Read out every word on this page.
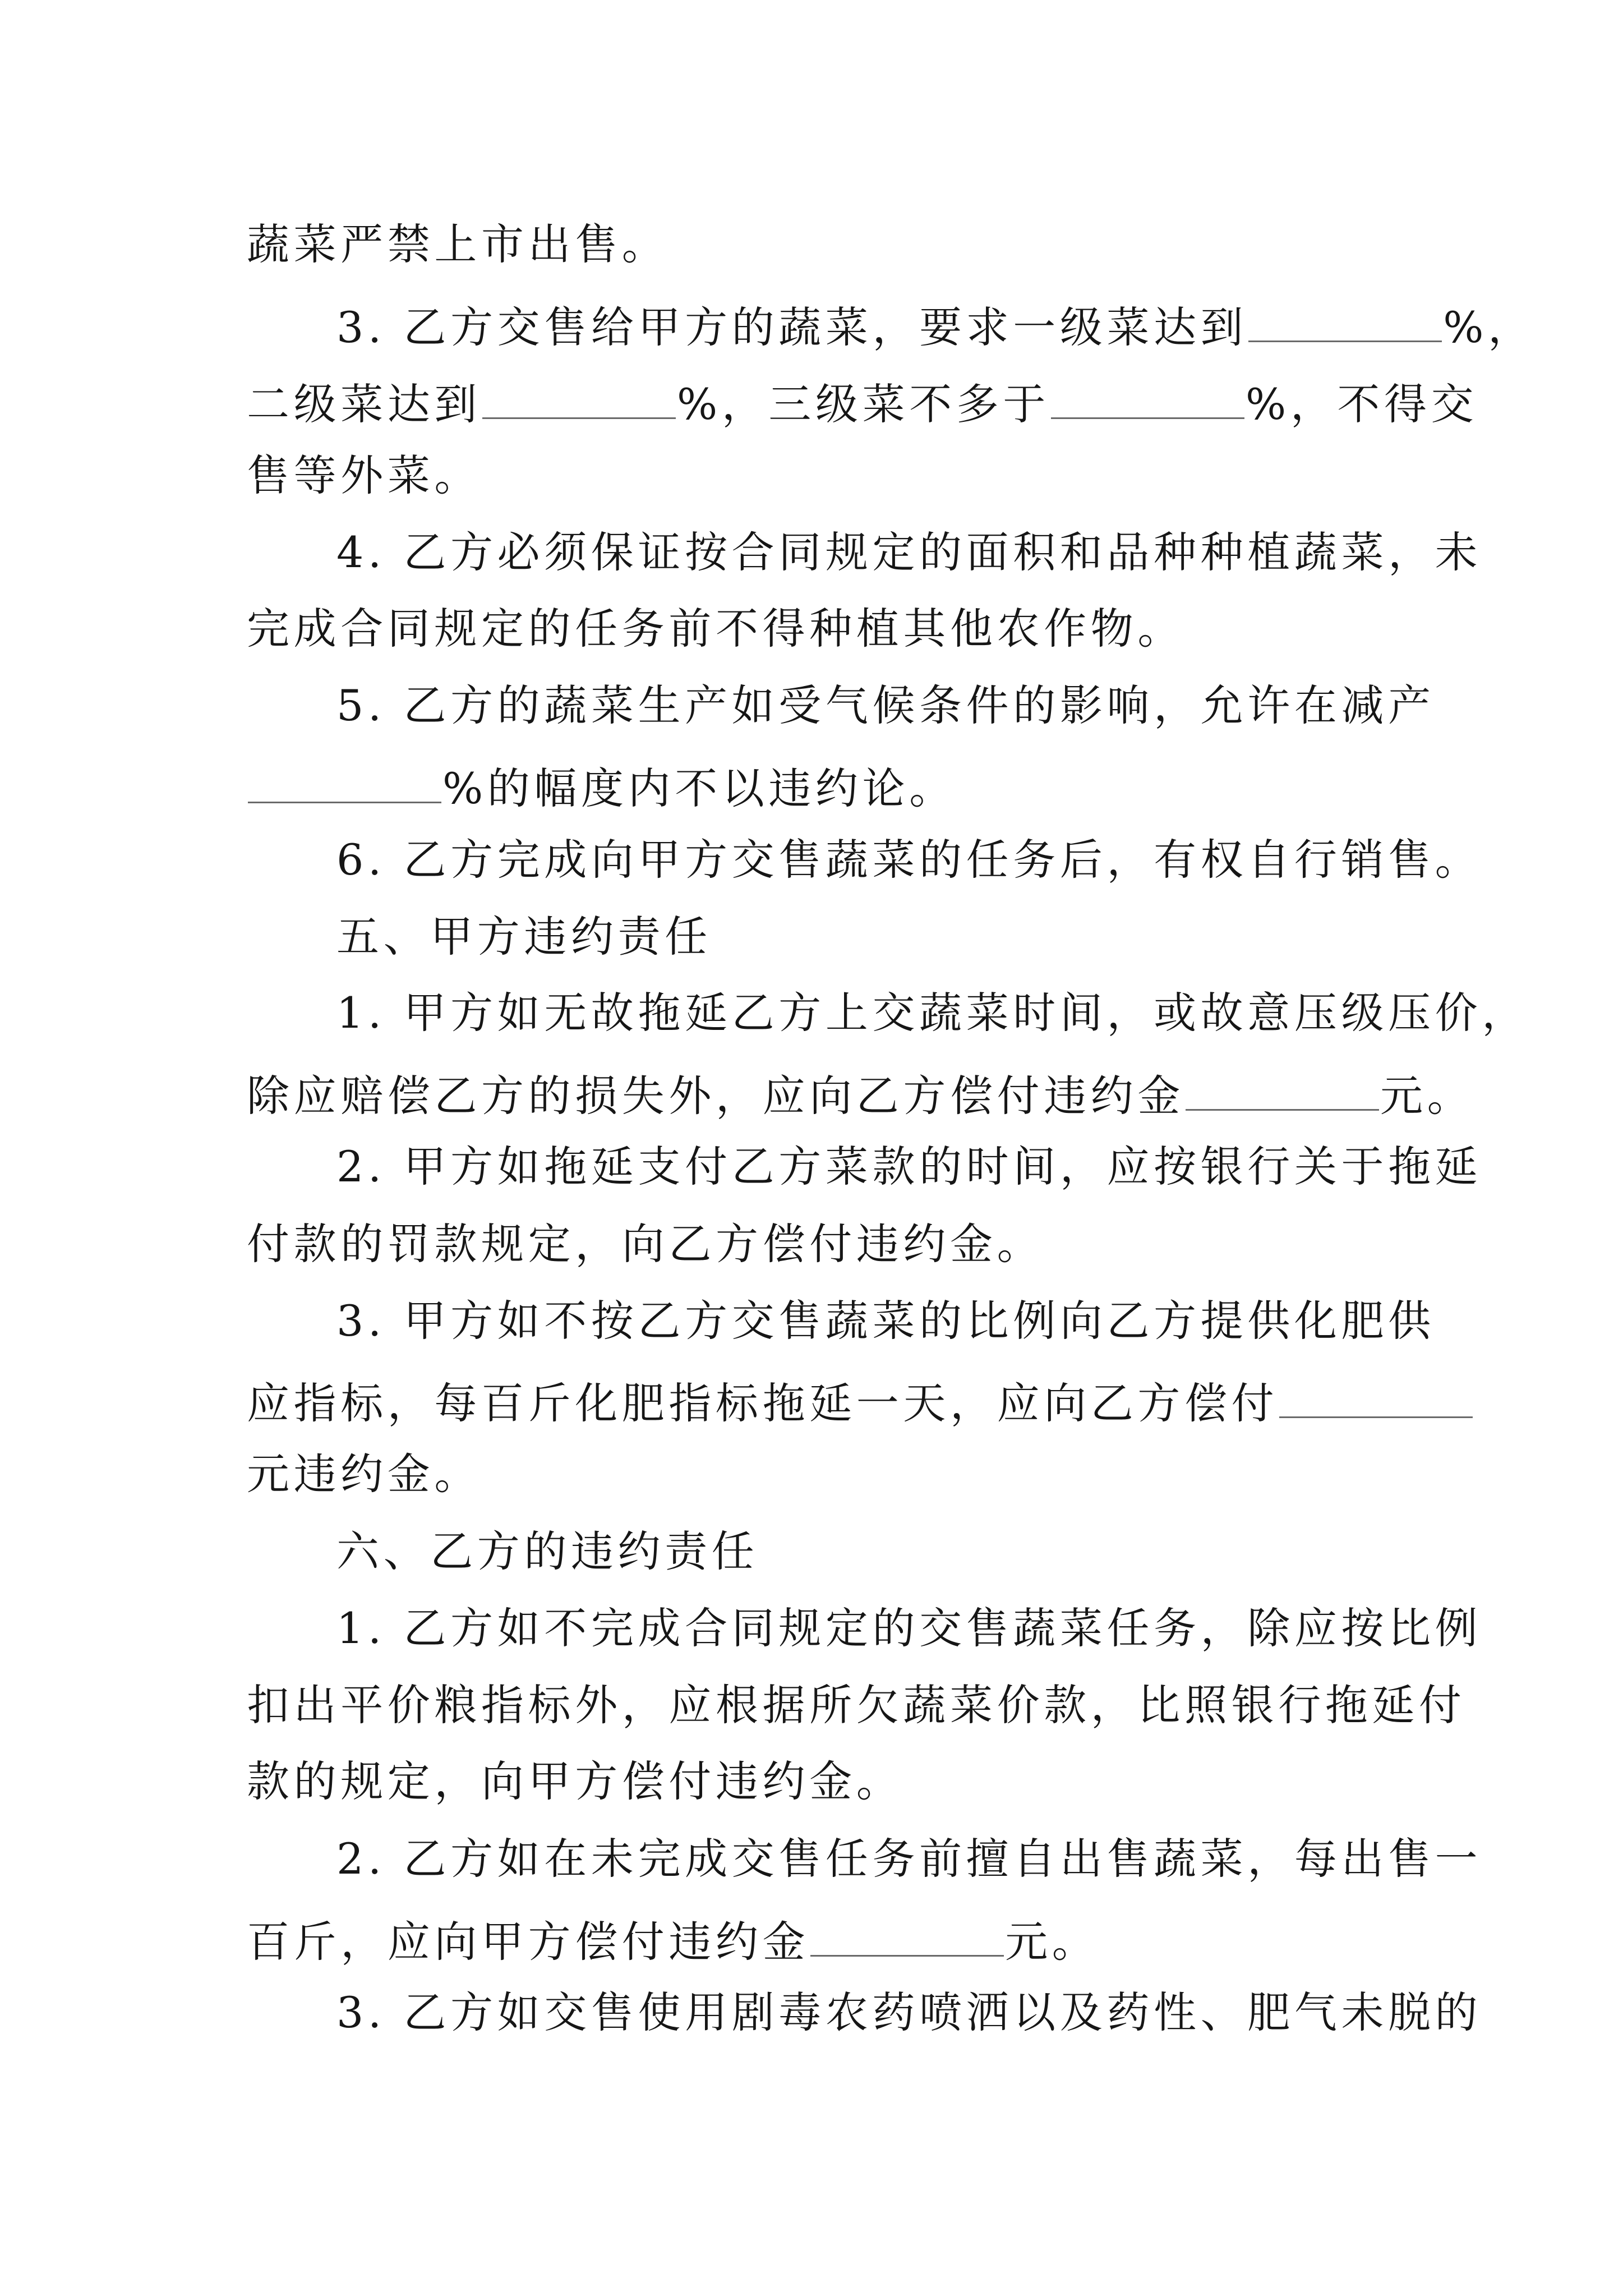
蔬菜严禁上市出售。

3. 乙方交售给甲方的蔬菜，要求一级菜达到	%，

二级菜达到	%，三级菜不多于	%，不得交

售等外菜。

4. 乙方必须保证按合同规定的面积和品种种植蔬菜，未

完成合同规定的任务前不得种植其他农作物。

5. 乙方的蔬菜生产如受气候条件的影响，允许在减产

%的幅度内不以违约论。

6. 乙方完成向甲方交售蔬菜的任务后，有权自行销售。

五、甲方违约责任

1. 甲方如无故拖延乙方上交蔬菜时间，或故意压级压价，

除应赔偿乙方的损失外，应向乙方偿付违约金	元。

2. 甲方如拖延支付乙方菜款的时间，应按银行关于拖延

付款的罚款规定，向乙方偿付违约金。

3. 甲方如不按乙方交售蔬菜的比例向乙方提供化肥供

应指标，每百斤化肥指标拖延一天，应向乙方偿付

元违约金。

六、乙方的违约责任

1. 乙方如不完成合同规定的交售蔬菜任务，除应按比例

扣出平价粮指标外，应根据所欠蔬菜价款，比照银行拖延付

款的规定，向甲方偿付违约金。

2. 乙方如在未完成交售任务前擅自出售蔬菜，每出售一

百斤，应向甲方偿付违约金	元。

3. 乙方如交售使用剧毒农药喷洒以及药性、肥气未脱的
